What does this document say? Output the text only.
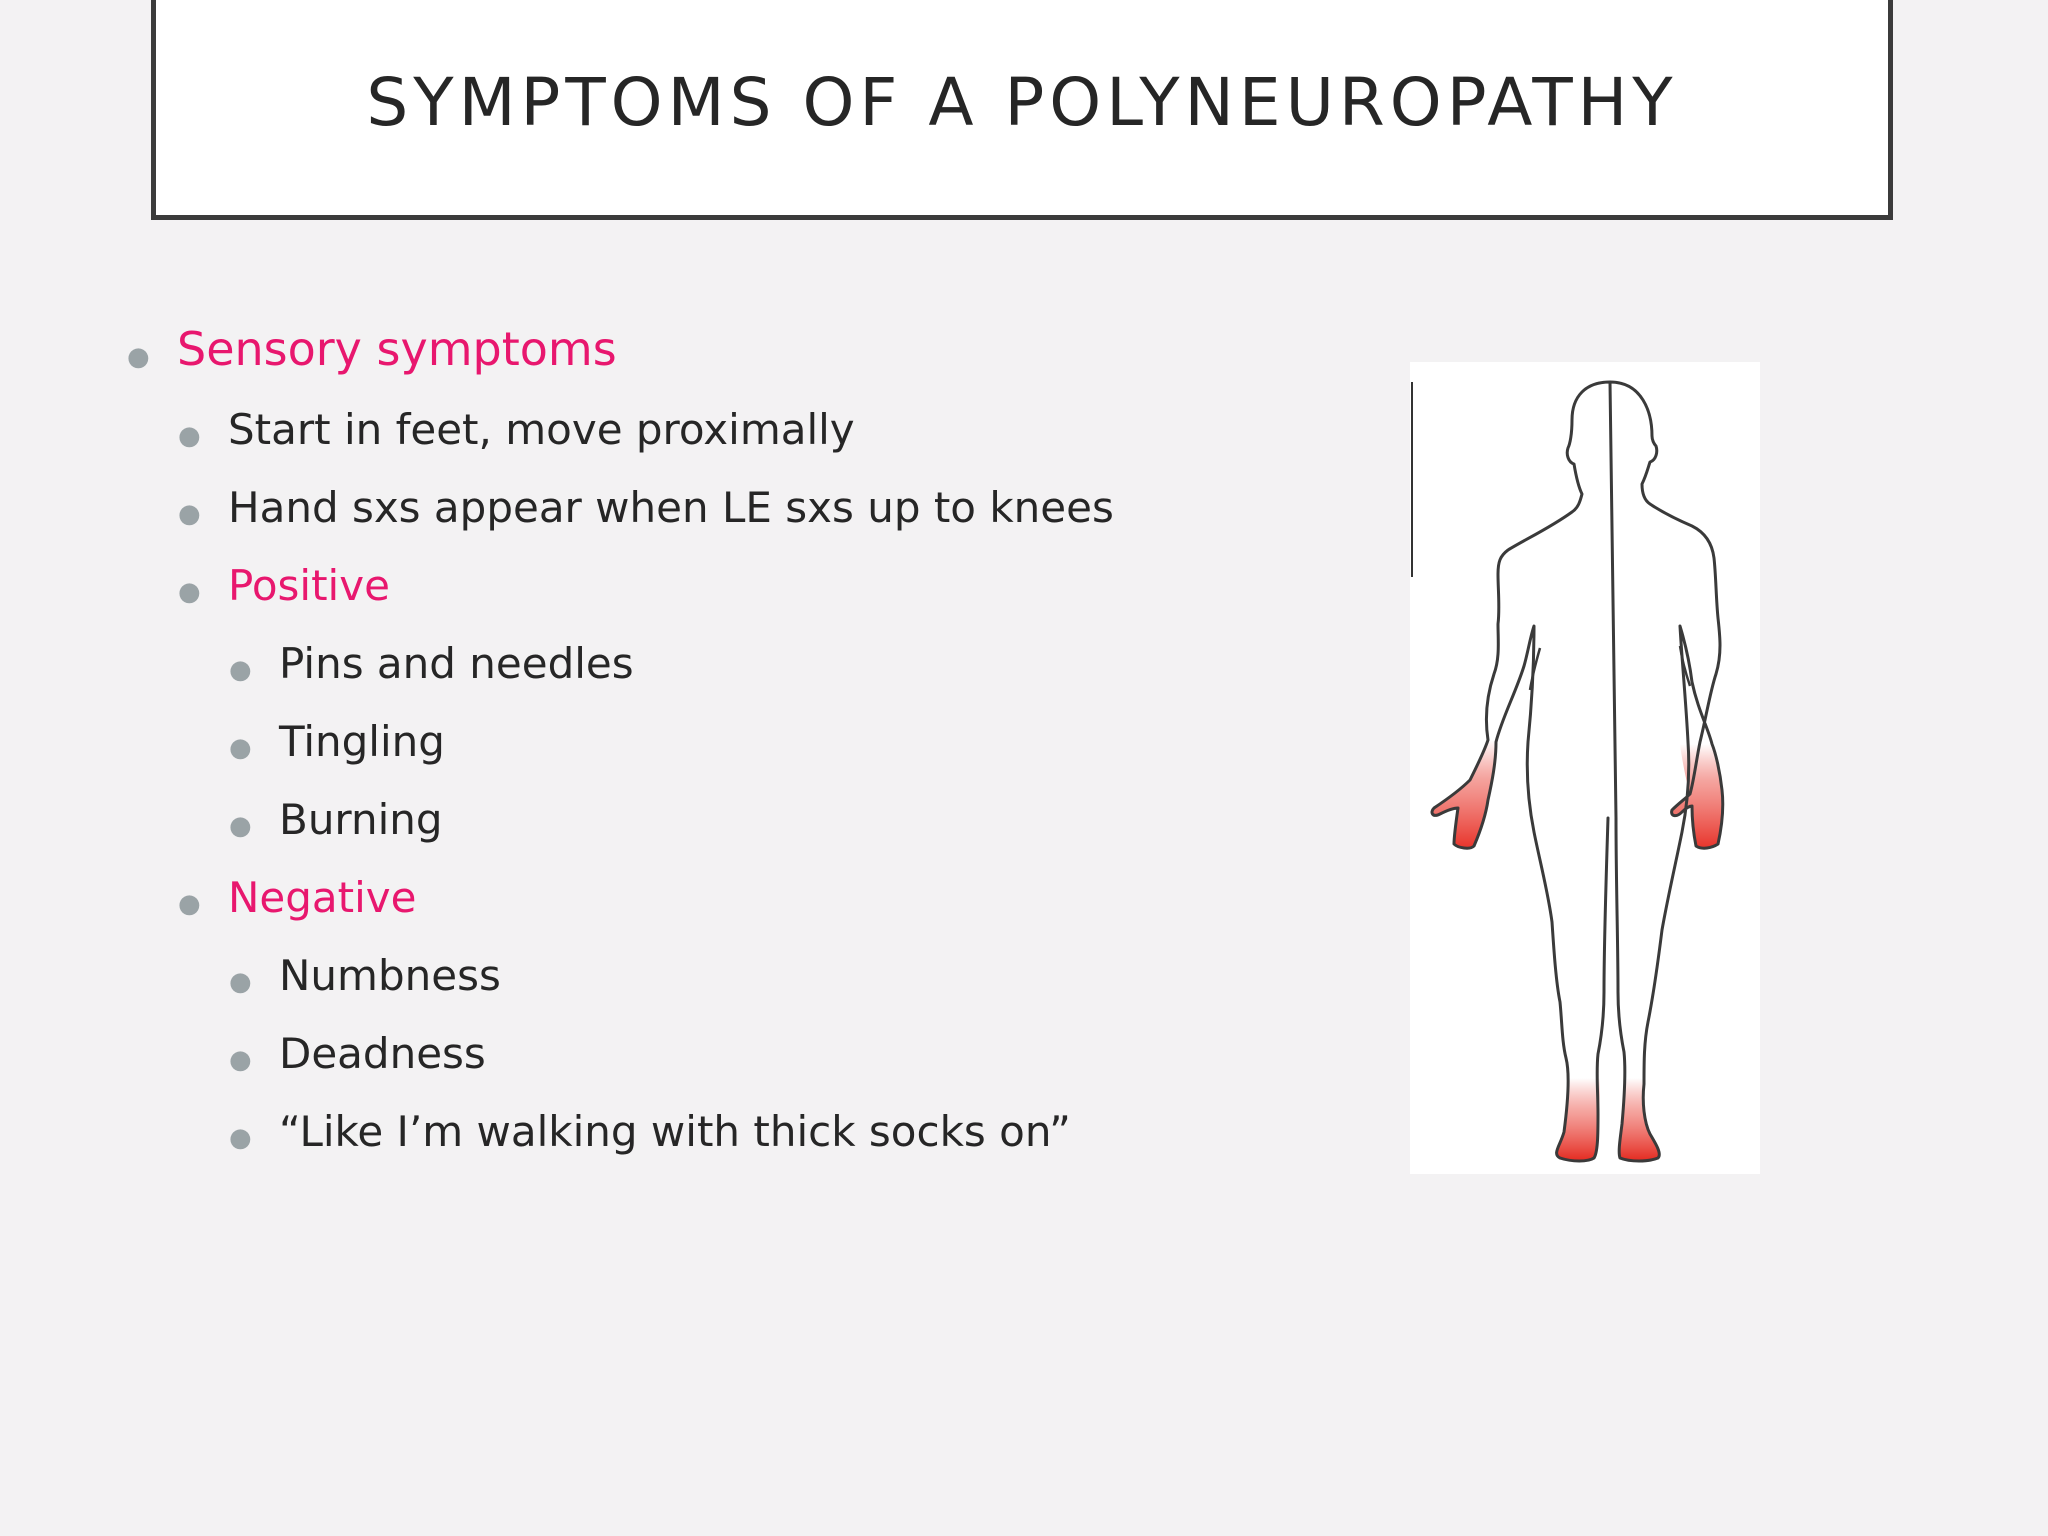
SYMPTOMS OF A POLYNEUROPATHY
● Sensory symptoms
● Start in feet, move proximally
● Hand sxs appear when LE sxs up to knees
● Positive
● Pins and needles
● Tingling
● Burning
● Negative
● Numbness
● Deadness
● “Like I’m walking with thick socks on”
